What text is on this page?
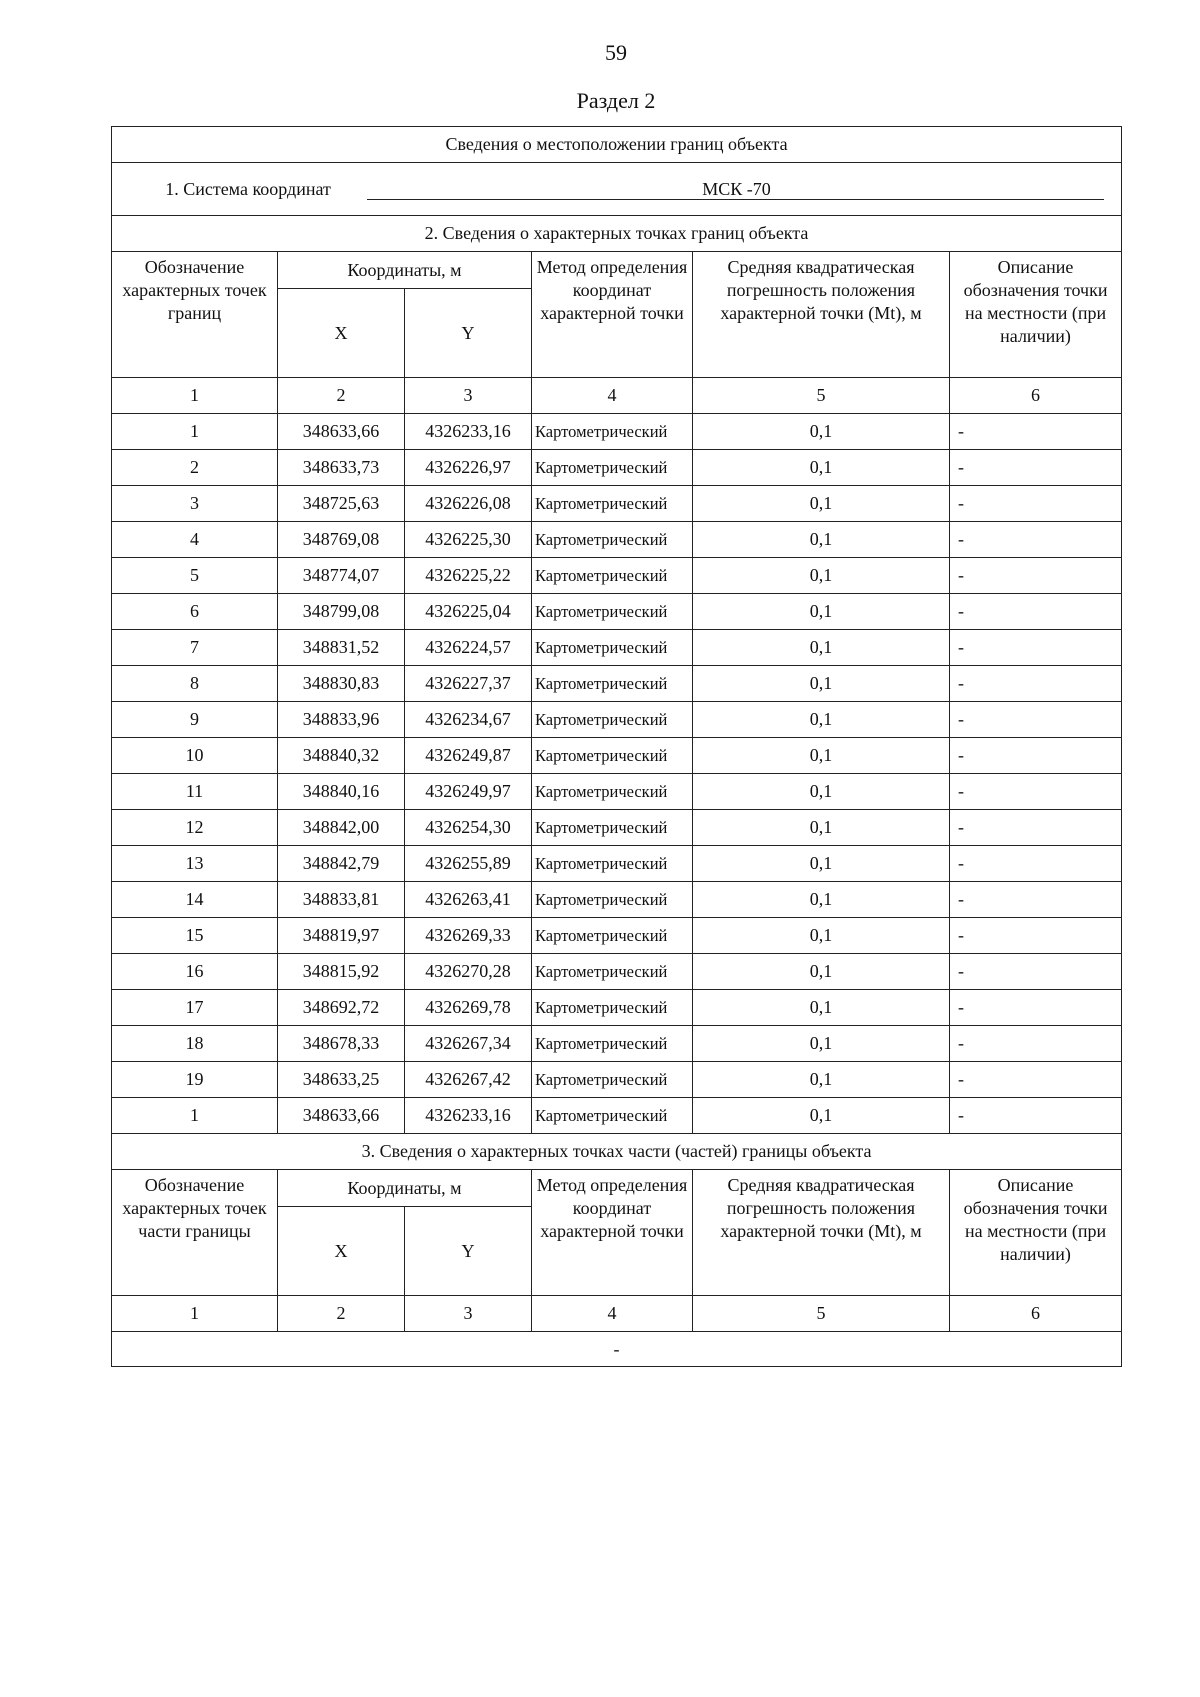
59
Раздел 2
Сведения о местоположении границ объекта					
1. Система координат МСК -70					
2. Сведения о характерных точках границ объекта					
Обозначение характерных точек границ	Координаты, м		Метод определения координат характерной точки	Средняя квадратическая погрешность положения характерной точки (Mt), м	Описание обозначения точки на местности (при наличии)
	X	Y			
1	2	3	4	5	6
1	348633,66	4326233,16	Картометрический	0,1	-
2	348633,73	4326226,97	Картометрический	0,1	-
3	348725,63	4326226,08	Картометрический	0,1	-
4	348769,08	4326225,30	Картометрический	0,1	-
5	348774,07	4326225,22	Картометрический	0,1	-
6	348799,08	4326225,04	Картометрический	0,1	-
7	348831,52	4326224,57	Картометрический	0,1	-
8	348830,83	4326227,37	Картометрический	0,1	-
9	348833,96	4326234,67	Картометрический	0,1	-
10	348840,32	4326249,87	Картометрический	0,1	-
11	348840,16	4326249,97	Картометрический	0,1	-
12	348842,00	4326254,30	Картометрический	0,1	-
13	348842,79	4326255,89	Картометрический	0,1	-
14	348833,81	4326263,41	Картометрический	0,1	-
15	348819,97	4326269,33	Картометрический	0,1	-
16	348815,92	4326270,28	Картометрический	0,1	-
17	348692,72	4326269,78	Картометрический	0,1	-
18	348678,33	4326267,34	Картометрический	0,1	-
19	348633,25	4326267,42	Картометрический	0,1	-
1	348633,66	4326233,16	Картометрический	0,1	-
3. Сведения о характерных точках части (частей) границы объекта					
Обозначение характерных точек части границы	Координаты, м		Метод определения координат характерной точки	Средняя квадратическая погрешность положения характерной точки (Mt), м	Описание обозначения точки на местности (при наличии)
	X	Y			
1	2	3	4	5	6
-					
